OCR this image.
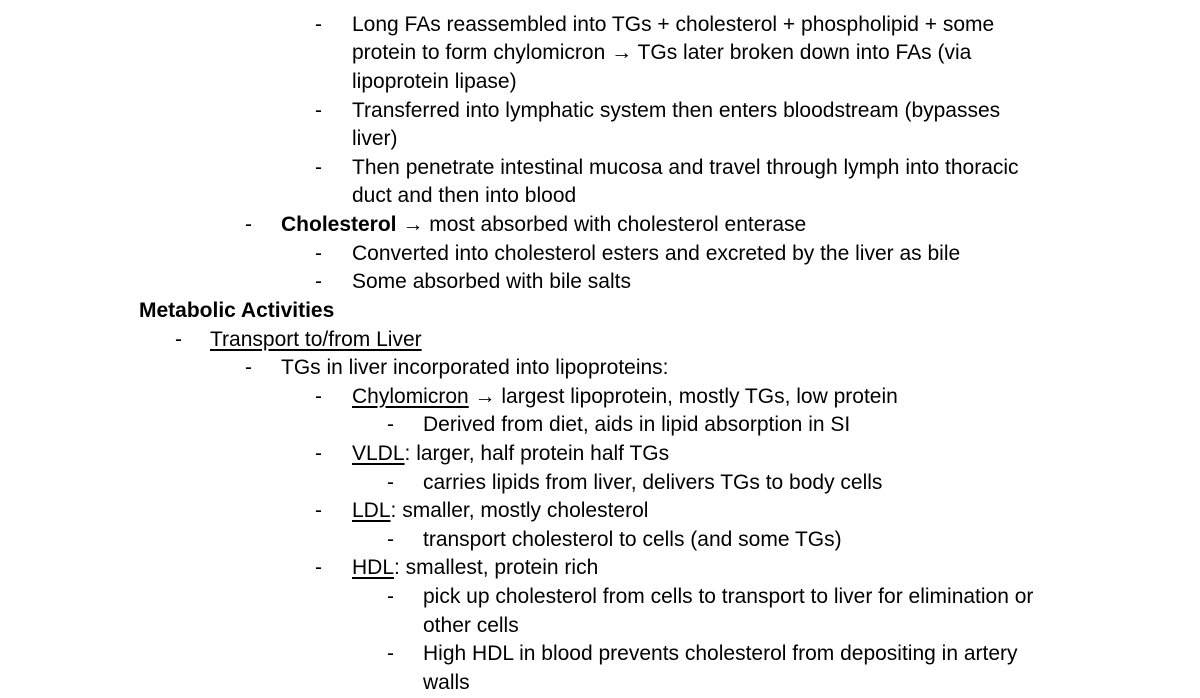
- Long FAs reassembled into TGs + cholesterol + phospholipid + some
protein to form chylomicron → TGs later broken down into FAs (via
lipoprotein lipase)
- Transferred into lymphatic system then enters bloodstream (bypasses
liver)
- Then penetrate intestinal mucosa and travel through lymph into thoracic
duct and then into blood
- Cholesterol → most absorbed with cholesterol enterase
- Converted into cholesterol esters and excreted by the liver as bile
- Some absorbed with bile salts
Metabolic Activities
- Transport to/from Liver
- TGs in liver incorporated into lipoproteins:
- Chylomicron → largest lipoprotein, mostly TGs, low protein
- Derived from diet, aids in lipid absorption in SI
- VLDL: larger, half protein half TGs
- carries lipids from liver, delivers TGs to body cells
- LDL: smaller, mostly cholesterol
- transport cholesterol to cells (and some TGs)
- HDL: smallest, protein rich
- pick up cholesterol from cells to transport to liver for elimination or
other cells
- High HDL in blood prevents cholesterol from depositing in artery
walls
